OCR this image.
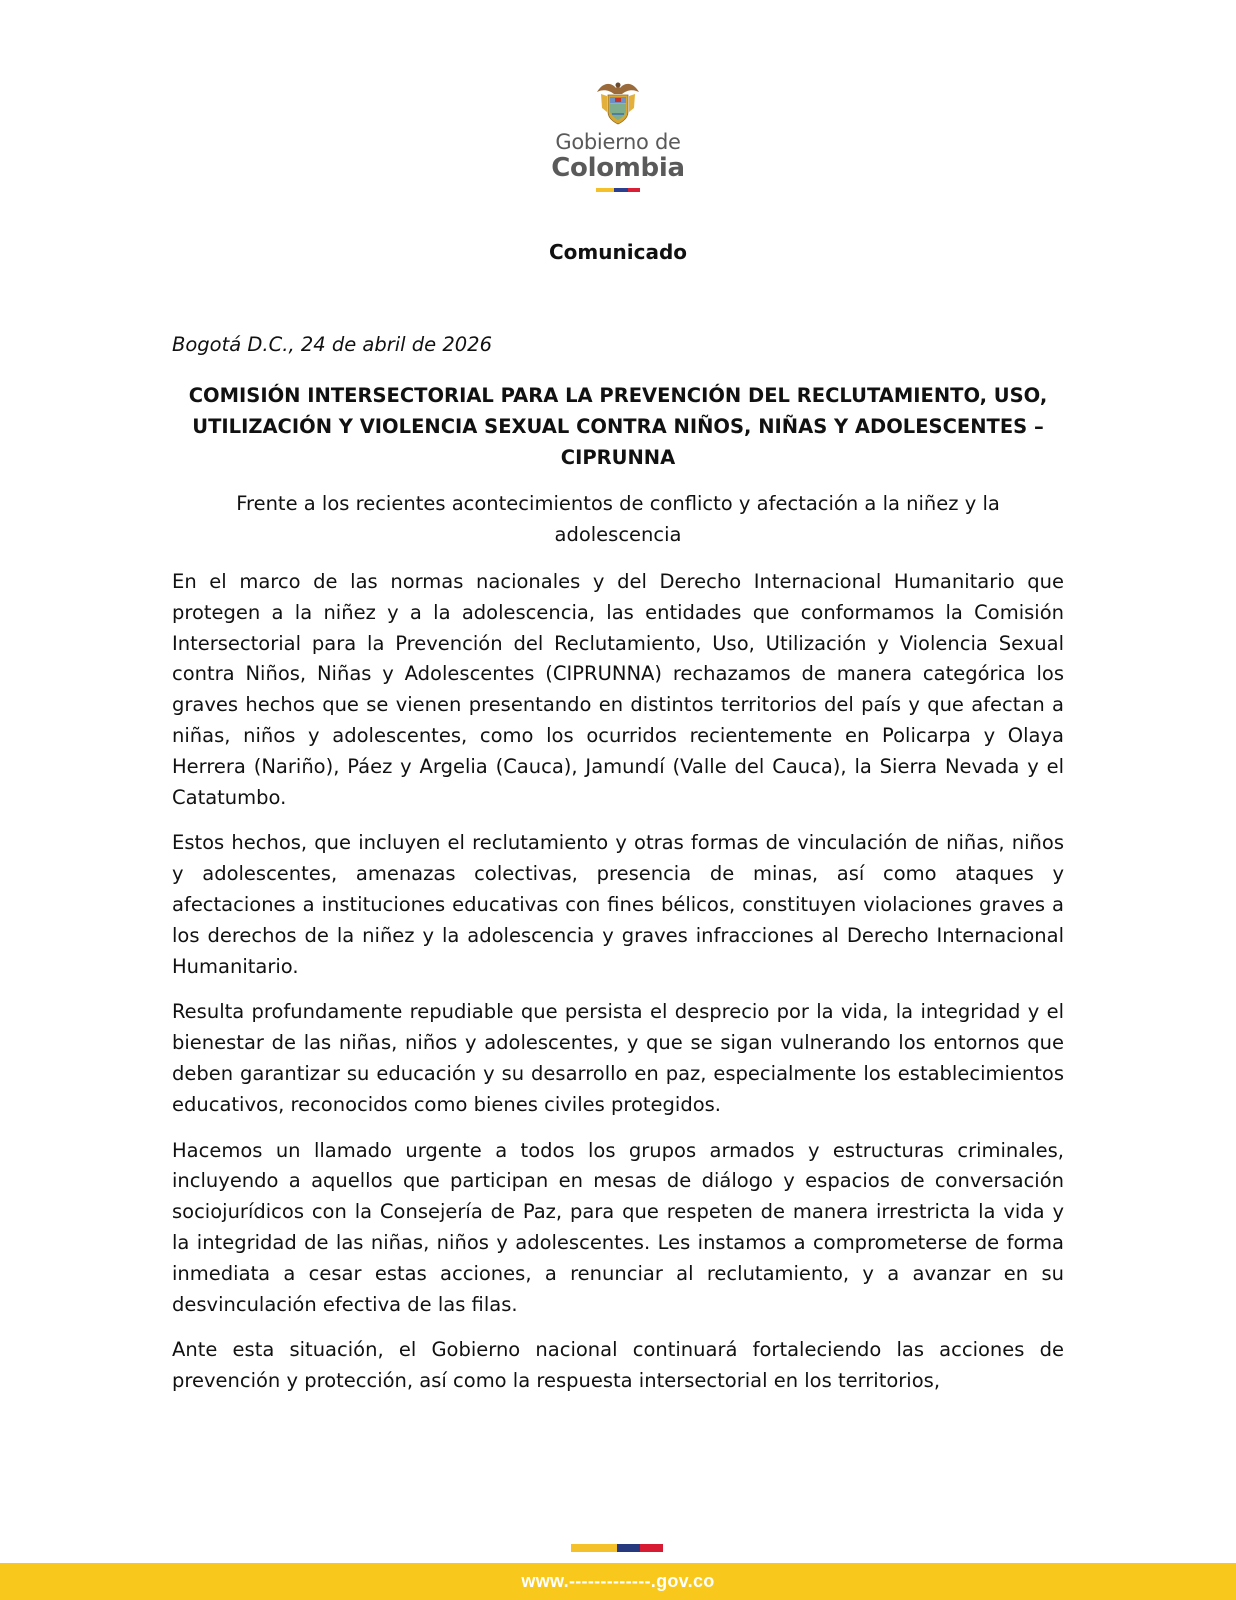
Gobierno de
Colombia
Comunicado
Bogotá D.C., 24 de abril de 2026
COMISIÓN INTERSECTORIAL PARA LA PREVENCIÓN DEL RECLUTAMIENTO, USO, UTILIZACIÓN Y VIOLENCIA SEXUAL CONTRA NIÑOS, NIÑAS Y ADOLESCENTES – CIPRUNNA
Frente a los recientes acontecimientos de conflicto y afectación a la niñez y la adolescencia

En el marco de las normas nacionales y del Derecho Internacional Humanitario que protegen a la niñez y a la adolescencia, las entidades que conformamos la Comisión Intersectorial para la Prevención del Reclutamiento, Uso, Utilización y Violencia Sexual contra Niños, Niñas y Adolescentes (CIPRUNNA) rechazamos de manera categórica los graves hechos que se vienen presentando en distintos territorios del país y que afectan a niñas, niños y adolescentes, como los ocurridos recientemente en Policarpa y Olaya Herrera (Nariño), Páez y Argelia (Cauca), Jamundí (Valle del Cauca), la Sierra Nevada y el Catatumbo.

Estos hechos, que incluyen el reclutamiento y otras formas de vinculación de niñas, niños y adolescentes, amenazas colectivas, presencia de minas, así como ataques y afectaciones a instituciones educativas con fines bélicos, constituyen violaciones graves a los derechos de la niñez y la adolescencia y graves infracciones al Derecho Internacional Humanitario.

Resulta profundamente repudiable que persista el desprecio por la vida, la integridad y el bienestar de las niñas, niños y adolescentes, y que se sigan vulnerando los entornos que deben garantizar su educación y su desarrollo en paz, especialmente los establecimientos educativos, reconocidos como bienes civiles protegidos.

Hacemos un llamado urgente a todos los grupos armados y estructuras criminales, incluyendo a aquellos que participan en mesas de diálogo y espacios de conversación sociojurídicos con la Consejería de Paz, para que respeten de manera irrestricta la vida y la integridad de las niñas, niños y adolescentes. Les instamos a comprometerse de forma inmediata a cesar estas acciones, a renunciar al reclutamiento, y a avanzar en su desvinculación efectiva de las filas.

Ante esta situación, el Gobierno nacional continuará fortaleciendo las acciones de prevención y protección, así como la respuesta intersectorial en los territorios,

www.-------------.gov.co
